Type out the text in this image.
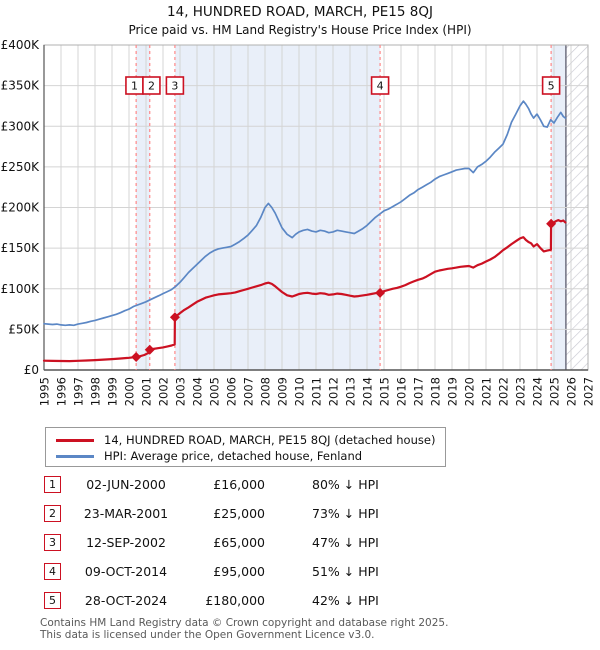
14, HUNDRED ROAD, MARCH, PE15 8QJ
Price paid vs. HM Land Registry's House Price Index (HPI)
1 2 3	4	5
£0
£50K
£100K
£150K
£200K
£250K
£300K
£350K
£400K
1995 1996 1997 1998 1999 2000 2001 2002 2003 2004 2005 2006 2007 2008 2009 2010 2011 2012 2013 2014 2015 2016 2017 2018 2019 2020 2021 2022 2023 2024 2025 2026 2027
14, HUNDRED ROAD, MARCH, PE15 8QJ (detached house)
HPI: Average price, detached house, Fenland
1	02-JUN-2000	£16,000	80% ↓ HPI
2	23-MAR-2001	£25,000	73% ↓ HPI
3	12-SEP-2002	£65,000	47% ↓ HPI
4	09-OCT-2014	£95,000	51% ↓ HPI
5	28-OCT-2024	£180,000	42% ↓ HPI
Contains HM Land Registry data © Crown copyright and database right 2025.
This data is licensed under the Open Government Licence v3.0.
